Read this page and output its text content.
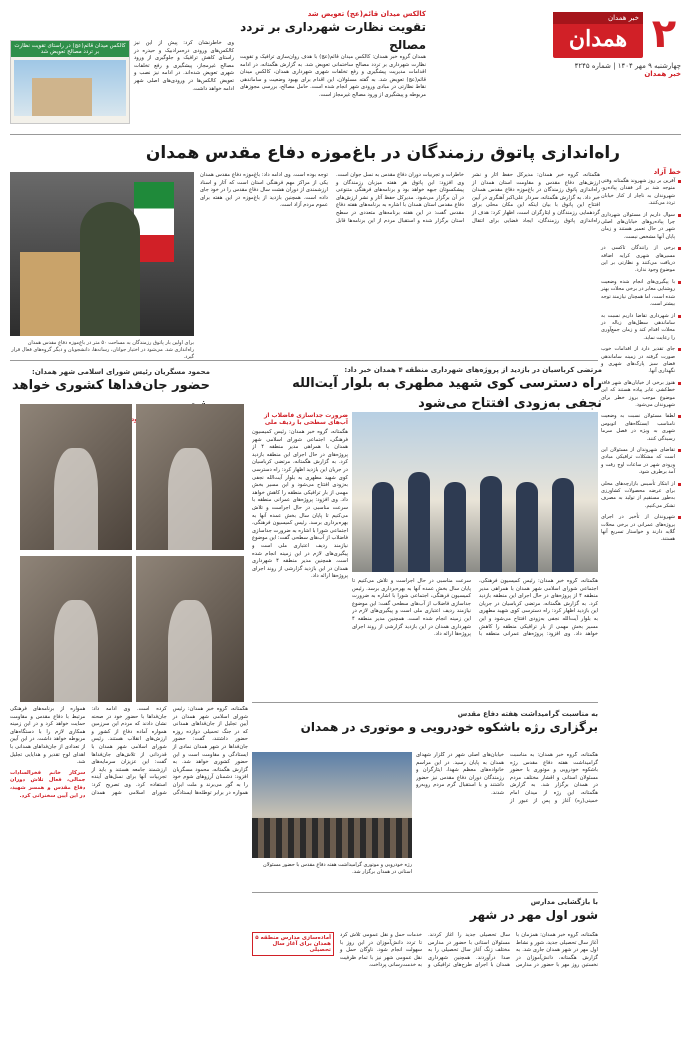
۲
خبر همدان
همدان
چهارشنبه ۹ مهر ۱۴۰۴ | شماره ۴۲۴۵
خبر همدان
کالکس میدان قائم(عج) تعویض شد
تقویت نظارت شهرداری بر تردد مصالح

همدان گروه خبر همدان: کالکس میدان قائم(عج) با هدف روان‌سازی ترافیک و تقویت نظارت شهرداری بر تردد مصالح ساختمانی تعویض شد. به گزارش هگمتانه، در ادامه اقدامات مدیریت پیشگیری و رفع تخلفات شهری شهرداری همدان، کالکس میدان قائم(عج) تعویض شد. به گفته مسئولان، این اقدام برای بهبود وضعیت و ساماندهی نقاط نظارتی در مبادی ورودی شهر انجام شده است. حامل مصالح، بررسی مجوزهای مربوطه و پیشگیری از ورود مصالح غیرمجاز است.

کالکس میدان قائم(عج) در راستای تقویت نظارت بر تردد مصالح تعویض شد

وی خاطرنشان کرد: پیش از این نیز کالکس‌های ورودی دره‌مرادبیک و حیدره در راستای کاهش ترافیک و جلوگیری از ورود مصالح غیرمجاز، پیشگیری و رفع تخلفات شهری تعویض شده‌اند. در ادامه نیز نصب و تعویض کالکس‌ها در ورودی‌های اصلی شهر ادامه خواهد داشت.

راه‌اندازی پاتوق رزمندگان در باغ‌موزه دفاع مقدس همدان
خط آزاد

آفرین بر روز شهروند هگمتانه وقتی متوجه شد بر اثر فقدان پیاده‌رو، شهروندان به ناچار از کنار خیابان تردد می‌کنند.

سوال داریم از مسئولان شهرداری چرا پیاده‌روهای خیابان‌های اصلی شهر در حال تعمیر هستند و زمان پایان آنها مشخص نیست.

برخی از رانندگان تاکسی در مسیرهای شهری کرایه اضافه دریافت می‌کنند و نظارتی بر این موضوع وجود ندارد.

با پیگیری‌های انجام شده وضعیت روشنایی معابر در برخی محلات بهتر شده است، اما همچنان نیازمند توجه بیشتر است.

از شهرداری تقاضا داریم نسبت به ساماندهی سطل‌های زباله در محلات اقدام کند و زمان جمع‌آوری را رعایت نماید.

جای تقدیر دارد از اقدامات خوب صورت گرفته در زمینه ساماندهی فضای سبز پارک‌های شهری و نگهداری آنها.

هنوز برخی از خیابان‌های شهر فاقد خط‌کشی عابر پیاده هستند که این موضوع موجب بروز خطر برای شهروندان می‌شود.

لطفا مسئولان نسبت به وضعیت نامناسب ایستگاه‌های اتوبوس شهری به ویژه در فصل سرما رسیدگی کنند.

تقاضای شهروندان از مسئولان این است که مشکلات ترافیکی مبادی ورودی شهر در ساعات اوج رفت و آمد برطرف شود.

از ابتکار تأسیس بازارچه‌های محلی برای عرضه محصولات کشاورزی به‌طور مستقیم از تولید به مصرف تشکر می‌کنیم.

شهروندان از تأخیر در اجرای پروژه‌های عمرانی در برخی محلات گلایه دارند و خواستار تسریع آنها هستند.

هگمتانه، گروه خبر همدان: مدیرکل حفظ آثار و نشر ارزش‌های دفاع مقدس و مقاومت استان همدان از راه‌اندازی پاتوق رزمندگان در باغ‌موزه دفاع مقدس همدان خبر داد. به گزارش هگمتانه، سردار علی‌اکبر آهنگری در آیین افتتاح این پاتوق با بیان اینکه این مکان محلی برای گردهمایی رزمندگان و ایثارگران است، اظهار کرد: هدف از راه‌اندازی پاتوق رزمندگان، ایجاد فضایی برای انتقال خاطرات و تجربیات دوران دفاع مقدس به نسل جوان است. وی افزود: این پاتوق هر هفته میزبان رزمندگان و پیشکسوتان جبهه خواهد بود و برنامه‌های فرهنگی متنوعی در آن برگزار می‌شود. مدیرکل حفظ آثار و نشر ارزش‌های دفاع مقدس استان همدان با اشاره به برنامه‌های هفته دفاع مقدس گفت: در این هفته برنامه‌های متعددی در سطح استان برگزار شده و استقبال مردم از این برنامه‌ها قابل توجه بوده است. وی ادامه داد: باغ‌موزه دفاع مقدس همدان یکی از مراکز مهم فرهنگی استان است که آثار و اسناد ارزشمندی از دوران هشت سال دفاع مقدس را در خود جای داده است. همچنین بازدید از باغ‌موزه در این هفته برای عموم مردم آزاد است.

برای اولین بار پاتوق رزمندگان به مساحت ۵۰ متر در باغ‌موزه دفاع مقدس همدان راه‌اندازی شد. می‌شود در اختیار جوانان، رسانه‌ها، دانشجویان و دیگر گروه‌های فعال قرار گیرد.
مرتضی کرباسیان در بازدید از پروژه‌های شهرداری منطقه ۴ همدان خبر داد:
راه دسترسی کوی شهید مطهری به بلوار آیت‌الله نجفی به‌زودی افتتاح می‌شود
ضرورت جداسازی فاضلاب از آب‌های سطحی با ردیف ملی

هگمتانه، گروه خبر همدان: رئیس کمیسیون فرهنگی، اجتماعی شورای اسلامی شهر همدان با همراهی مدیر منطقه ۴ از پروژه‌های در حال اجرای این منطقه بازدید کرد. به گزارش هگمتانه، مرتضی کرباسیان در جریان این بازدید اظهار کرد: راه دسترسی کوی شهید مطهری به بلوار آیت‌الله نجفی به‌زودی افتتاح می‌شود و این مسیر بخش مهمی از بار ترافیکی منطقه را کاهش خواهد داد. وی افزود: پروژه‌های عمرانی منطقه با سرعت مناسبی در حال اجراست و تلاش می‌کنیم تا پایان سال بخش عمده آنها به بهره‌برداری برسد. رئیس کمیسیون فرهنگی، اجتماعی شورا با اشاره به ضرورت جداسازی فاضلاب از آب‌های سطحی گفت: این موضوع نیازمند ردیف اعتباری ملی است و پیگیری‌های لازم در این زمینه انجام شده است. همچنین مدیر منطقه ۴ شهرداری همدان در این بازدید گزارشی از روند اجرای پروژه‌ها ارائه داد.

هگمتانه، گروه خبر همدان: رئیس کمیسیون فرهنگی، اجتماعی شورای اسلامی شهر همدان با همراهی مدیر منطقه ۴ از پروژه‌های در حال اجرای این منطقه بازدید کرد. به گزارش هگمتانه، مرتضی کرباسیان در جریان این بازدید اظهار کرد: راه دسترسی کوی شهید مطهری به بلوار آیت‌الله نجفی به‌زودی افتتاح می‌شود و این مسیر بخش مهمی از بار ترافیکی منطقه را کاهش خواهد داد. وی افزود: پروژه‌های عمرانی منطقه با سرعت مناسبی در حال اجراست و تلاش می‌کنیم تا پایان سال بخش عمده آنها به بهره‌برداری برسد. رئیس کمیسیون فرهنگی، اجتماعی شورا با اشاره به ضرورت جداسازی فاضلاب از آب‌های سطحی گفت: این موضوع نیازمند ردیف اعتباری ملی است و پیگیری‌های لازم در این زمینه انجام شده است. همچنین مدیر منطقه ۴ شهرداری همدان در این بازدید گزارشی از روند اجرای پروژه‌ها ارائه داد.

محمود مسگریان رئیس شورای اسلامی شهر همدان:
حضور جان‌فداها کشوری خواهد

هگمتانه، گروه خبر همدان: رئیس شورای اسلامی شهر همدان در آیین تجلیل از جان‌فداهای همدانی که در جنگ تحمیلی دوازده روزه حضور داشتند، گفت: حضور جان‌فداها در شهر همدان نمادی از ایستادگی و مقاومت است و این حضور کشوری خواهد شد. به گزارش هگمتانه، محمود مسگریان افزود: دشمنان آرزوهای شوم خود را به گور می‌برند و ملت ایران همواره در برابر توطئه‌ها ایستادگی کرده است. وی ادامه داد: جان‌فداها با حضور خود در صحنه نشان دادند که مردم این سرزمین همواره آماده دفاع از کشور و ارزش‌های انقلاب هستند. رئیس شورای اسلامی شهر همدان با قدردانی از تلاش‌های جان‌فداها گفت: این عزیزان سرمایه‌های ارزشمند جامعه هستند و باید از تجربیات آنها برای نسل‌های آینده استفاده کرد. وی تصریح کرد: شورای اسلامی شهر همدان همواره از برنامه‌های فرهنگی مرتبط با دفاع مقدس و مقاومت حمایت خواهد کرد و در این زمینه همکاری لازم را با دستگاه‌های مربوطه خواهد داشت. در این آیین از تعدادی از جان‌فداهای همدانی با اهدای لوح تقدیر و هدایایی تجلیل شد.

سرکار خانم فخرالسادات جمالی، فعال تلاش دوران دفاع مقدس و همسر شهید، در این آیین سخنرانی کرد.

به مناسبت گرامیداشت هفته دفاع مقدس
برگزاری رژه باشکوه خودرویی و موتوری در همدان

هگمتانه، گروه خبر همدان: به مناسبت گرامیداشت هفته دفاع مقدس رژه باشکوه خودرویی و موتوری با حضور مسئولان استانی و اقشار مختلف مردم در همدان برگزار شد. به گزارش هگمتانه، این رژه از میدان امام خمینی(ره) آغاز و پس از عبور از خیابان‌های اصلی شهر در گلزار شهدای همدان به پایان رسید. در این مراسم خانواده‌های معظم شهدا، ایثارگران و رزمندگان دوران دفاع مقدس نیز حضور داشتند و با استقبال گرم مردم روبه‌رو شدند.

رژه خودرویی و موتوری گرامیداشت هفته دفاع مقدس با حضور مسئولان استانی در همدان برگزار شد.
با بازگشایی مدارس
شور اول مهر در شهر

هگمتانه، گروه خبر همدان: همزمان با آغاز سال تحصیلی جدید، شور و نشاط اول مهر در شهر همدان جاری شد. به گزارش هگمتانه، دانش‌آموزان در نخستین روز مهر با حضور در مدارس سال تحصیلی جدید را آغاز کردند. مسئولان استانی با حضور در مدارس مختلف زنگ آغاز سال تحصیلی را به صدا درآوردند. همچنین شهرداری همدان با اجرای طرح‌های ترافیکی و خدمات حمل و نقل عمومی تلاش کرد تا تردد دانش‌آموزان در این روز با سهولت انجام شود. ناوگان حمل و نقل عمومی شهر نیز با تمام ظرفیت به خدمت‌رسانی پرداخت.

آماده‌سازی مدارس منطقه ۵ همدان برای آغاز سال تحصیلی
